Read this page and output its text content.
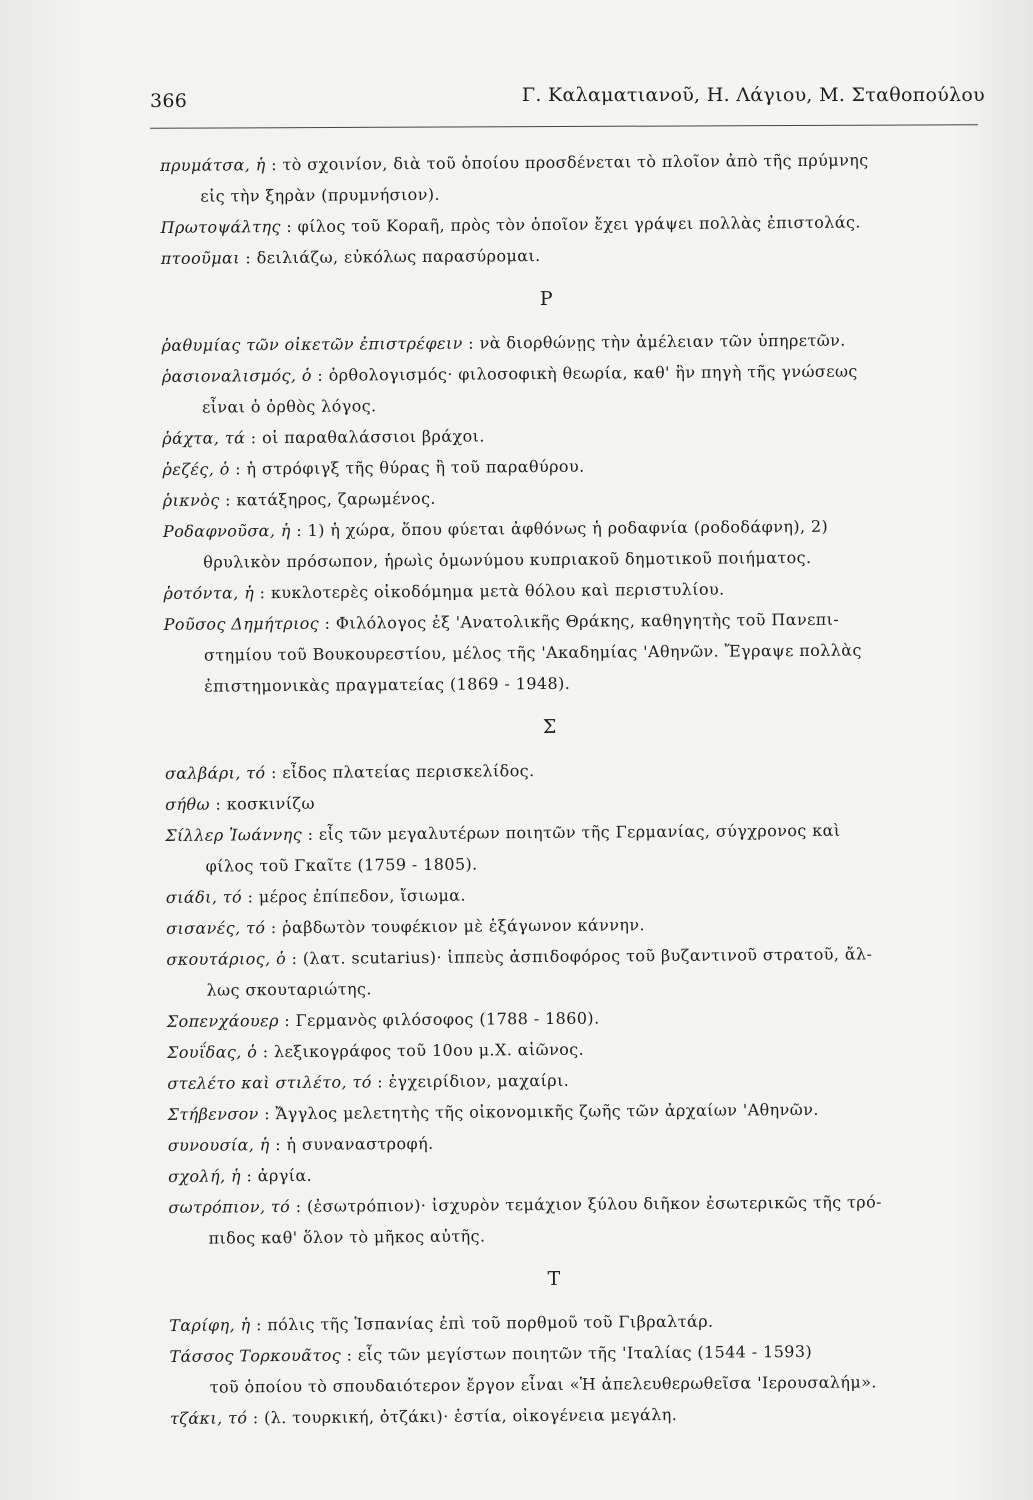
366	Γ. Καλαματιανοῦ, Η. Λάγιου, Μ. Σταθοπούλου

πρυμάτσα, ἡ : τὸ σχοινίον, διὰ τοῦ ὁποίου προσδένεται τὸ πλοῖον ἀπὸ τῆς πρύμνης
εἰς τὴν ξηρὰν (πρυμνήσιον).

Πρωτοψάλτης : φίλος τοῦ Κοραῆ, πρὸς τὸν ὁποῖον ἔχει γράψει πολλὰς ἐπιστολάς.

πτοοῦμαι : δειλιάζω, εὐκόλως παρασύρομαι.

Ρ

ῥαθυμίας τῶν οἰκετῶν ἐπιστρέφειν : νὰ διορθώνῃς τὴν ἀμέλειαν τῶν ὑπηρετῶν.

ῥασιοναλισμός, ὁ : ὀρθολογισμός· φιλοσοφικὴ θεωρία, καθ' ἣν πηγὴ τῆς γνώσεως
εἶναι ὁ ὀρθὸς λόγος.

ῥάχτα, τά : οἱ παραθαλάσσιοι βράχοι.

ῥεζές, ὁ : ἡ στρόφιγξ τῆς θύρας ἢ τοῦ παραθύρου.

ῥικνὸς : κατάξηρος, ζαρωμένος.

Ροδαφνοῦσα, ἡ : 1) ἡ χώρα, ὅπου φύεται ἀφθόνως ἡ ροδαφνία (ροδοδάφνη), 2)
θρυλικὸν πρόσωπον, ἡρωὶς ὁμωνύμου κυπριακοῦ δημοτικοῦ ποιήματος.

ῥοτόντα, ἡ : κυκλοτερὲς οἰκοδόμημα μετὰ θόλου καὶ περιστυλίου.

Ροῦσος Δημήτριος : Φιλόλογος ἐξ 'Ανατολικῆς Θράκης, καθηγητὴς τοῦ Πανεπι-
στημίου τοῦ Βουκουρεστίου, μέλος τῆς 'Ακαδημίας 'Αθηνῶν. Ἔγραψε πολλὰς
ἐπιστημονικὰς πραγματείας (1869 - 1948).

Σ

σαλβάρι, τό : εἶδος πλατείας περισκελίδος.

σήθω : κοσκινίζω

Σίλλερ Ἰωάννης : εἷς τῶν μεγαλυτέρων ποιητῶν τῆς Γερμανίας, σύγχρονος καὶ
φίλος τοῦ Γκαῖτε (1759 - 1805).

σιάδι, τό : μέρος ἐπίπεδον, ἴσιωμα.

σισανές, τό : ῥαβδωτὸν τουφέκιον μὲ ἑξάγωνον κάννην.

σκουτάριος, ὁ : (λατ. scutarius)· ἱππεὺς ἀσπιδοφόρος τοῦ βυζαντινοῦ στρατοῦ, ἄλ-
λως σκουταριώτης.

Σοπενχάουερ : Γερμανὸς φιλόσοφος (1788 - 1860).

Σουΐδας, ὁ : λεξικογράφος τοῦ 10ου μ.Χ. αἰῶνος.

στελέτο καὶ στιλέτο, τό : ἐγχειρίδιον, μαχαίρι.

Στήβενσον : Ἄγγλος μελετητὴς τῆς οἰκονομικῆς ζωῆς τῶν ἀρχαίων 'Αθηνῶν.

συνουσία, ἡ : ἡ συναναστροφή.

σχολή, ἡ : ἀργία.

σωτρόπιον, τό : (ἐσωτρόπιον)· ἰσχυρὸν τεμάχιον ξύλου διῆκον ἐσωτερικῶς τῆς τρό-
πιδος καθ' ὅλον τὸ μῆκος αὐτῆς.

Τ

Ταρίφη, ἡ : πόλις τῆς Ἱσπανίας ἐπὶ τοῦ πορθμοῦ τοῦ Γιβραλτάρ.

Τάσσος Τορκουᾶτος : εἷς τῶν μεγίστων ποιητῶν τῆς 'Ιταλίας (1544 - 1593)
τοῦ ὁποίου τὸ σπουδαιότερον ἔργον εἶναι «Ἡ ἀπελευθερωθεῖσα 'Ιερουσαλήμ».

τζάκι, τό : (λ. τουρκική, ὀτζάκι)· ἑστία, οἰκογένεια μεγάλη.
